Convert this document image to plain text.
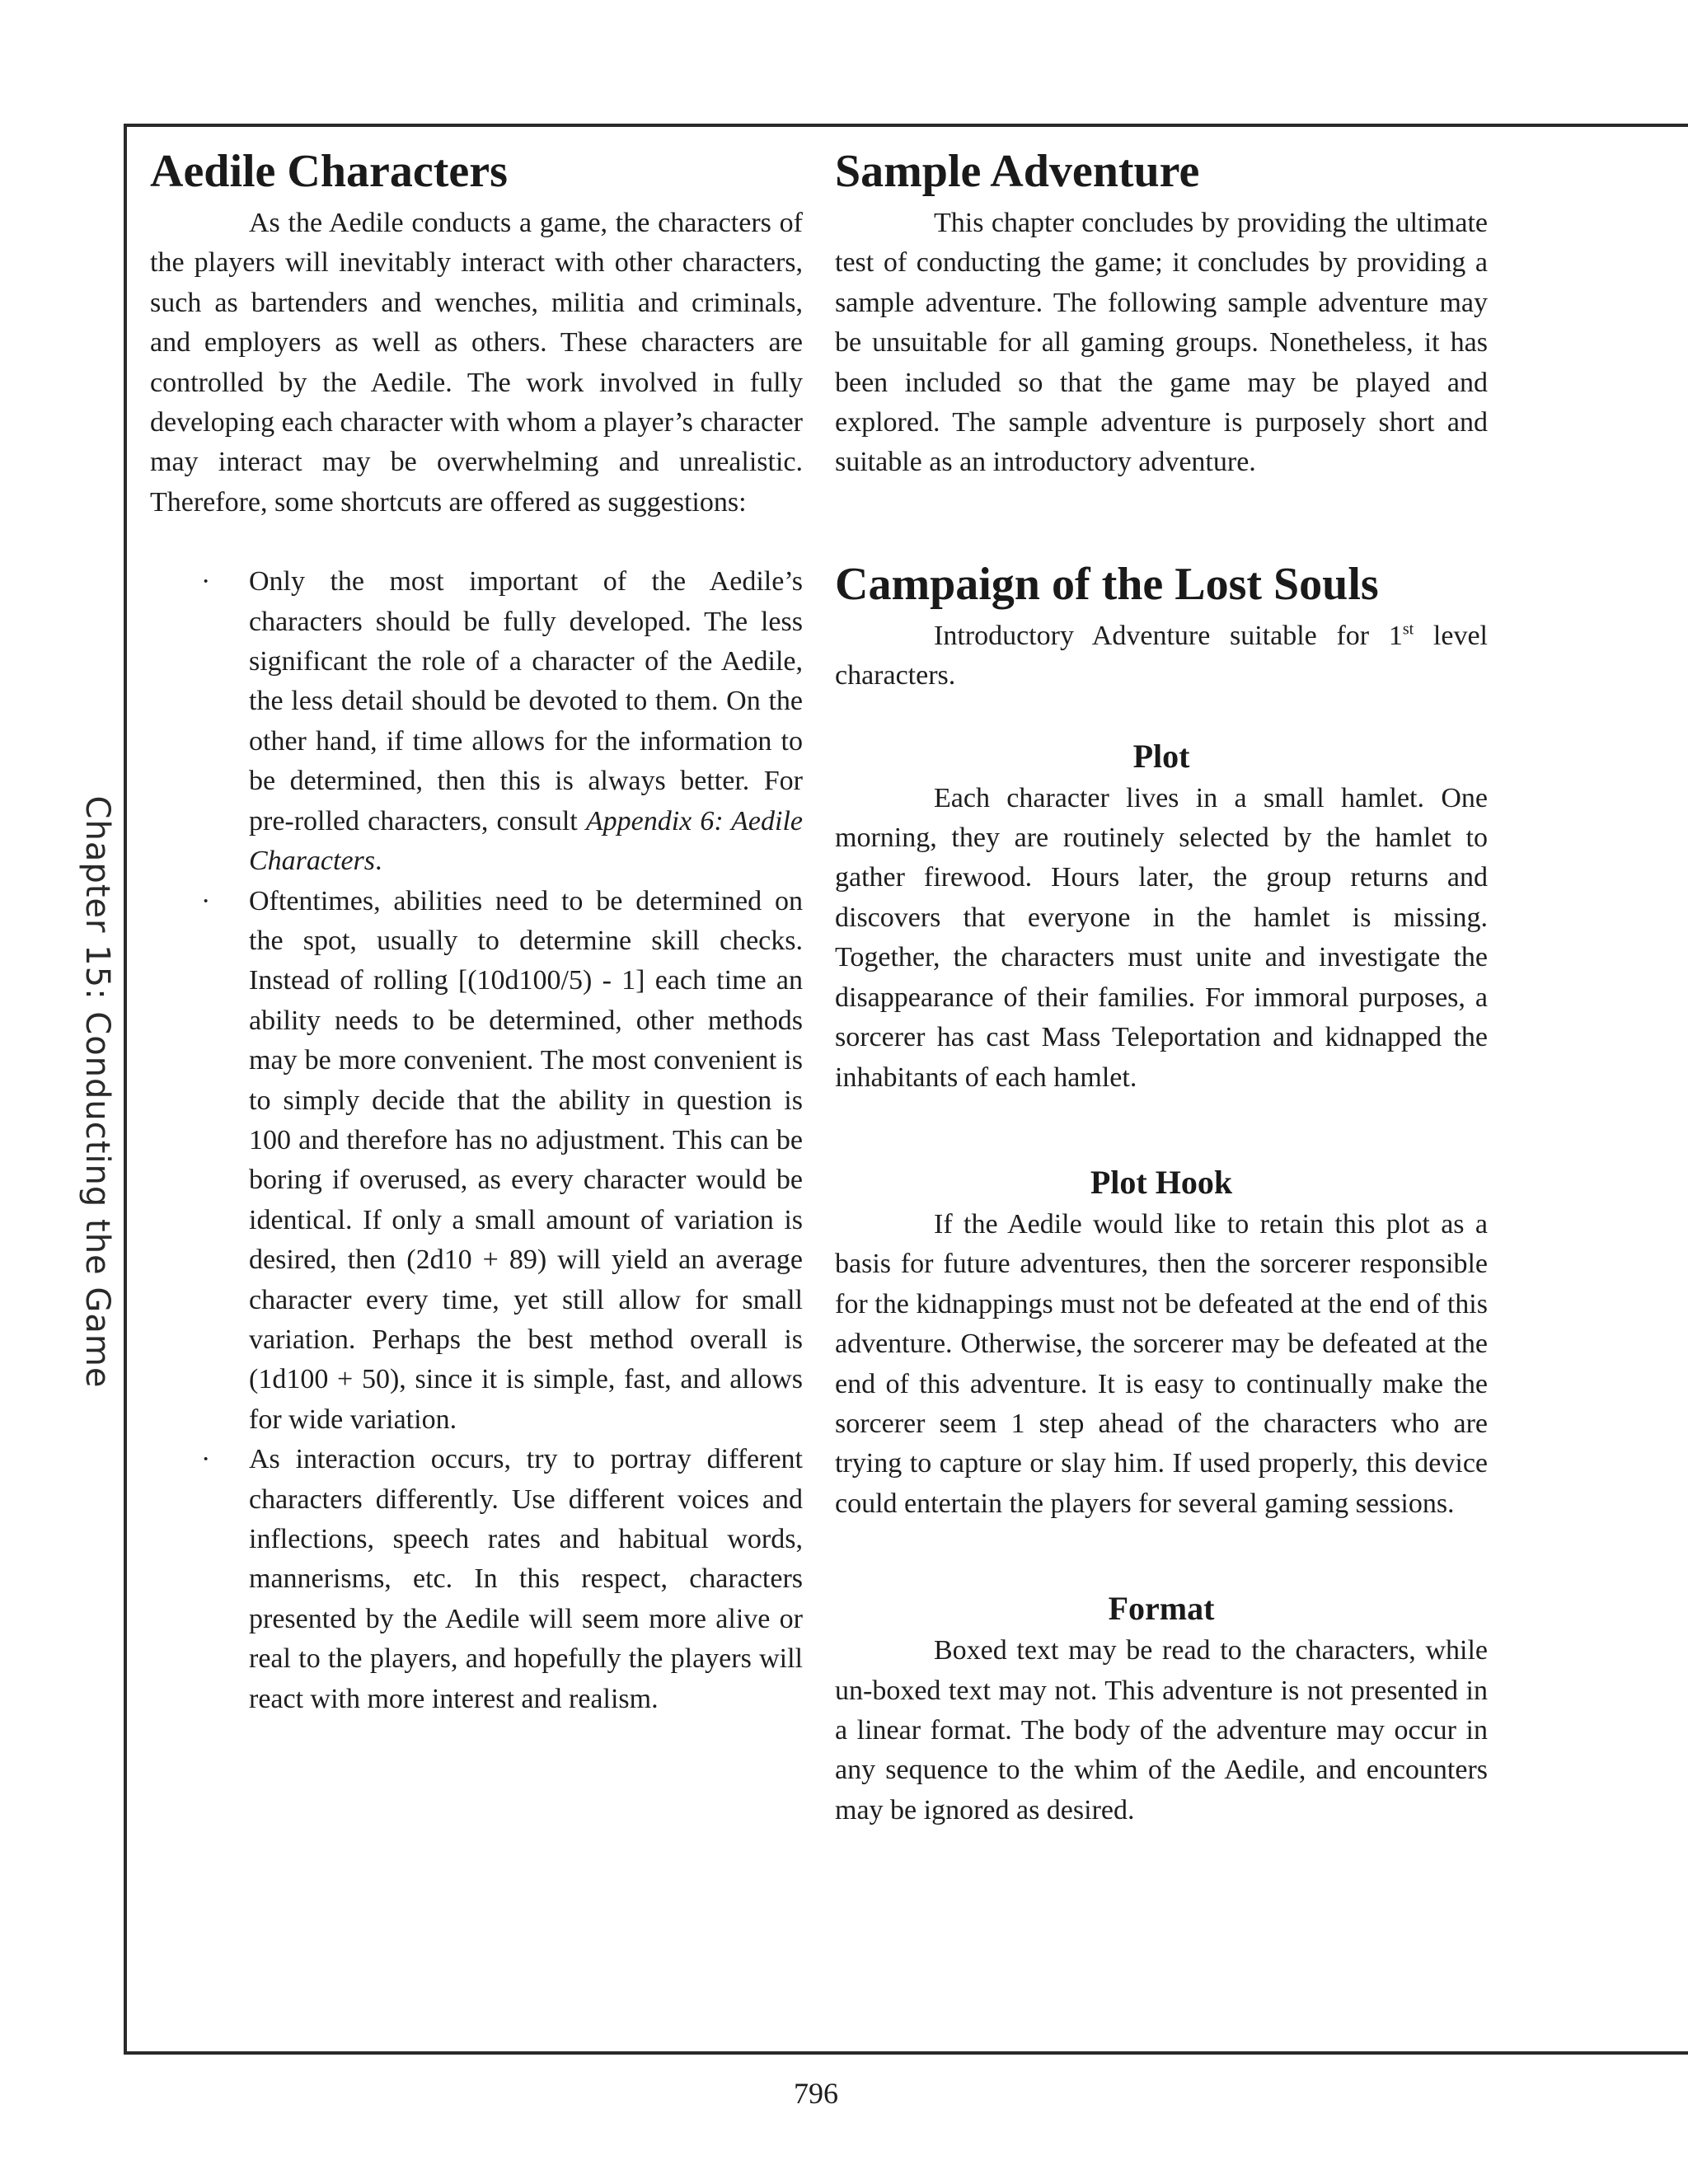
Chapter 15: Conducting the Game
Aedile Characters

As the Aedile conducts a game, the characters of the players will inevitably interact with other characters, such as bartenders and wenches, militia and criminals, and employers as well as others. These characters are controlled by the Aedile. The work involved in fully developing each character with whom a player’s character may interact may be overwhelming and unrealistic. Therefore, some shortcuts are offered as suggestions:

· Only the most important of the Aedile’s characters should be fully developed. The less significant the role of a character of the Aedile, the less detail should be devoted to them. On the other hand, if time allows for the information to be determined, then this is always better. For pre-rolled characters, consult Appendix 6: Aedile Characters.
· Oftentimes, abilities need to be determined on the spot, usually to determine skill checks. Instead of rolling [(10d100/5) - 1] each time an ability needs to be determined, other methods may be more convenient. The most convenient is to simply decide that the ability in question is 100 and therefore has no adjustment. This can be boring if overused, as every character would be identical. If only a small amount of variation is desired, then (2d10 + 89) will yield an average character every time, yet still allow for small variation. Perhaps the best method overall is (1d100 + 50), since it is simple, fast, and allows for wide variation.
· As interaction occurs, try to portray different characters differently. Use different voices and inflections, speech rates and habitual words, mannerisms, etc. In this respect, characters presented by the Aedile will seem more alive or real to the players, and hopefully the players will react with more interest and realism.
Sample Adventure

This chapter concludes by providing the ultimate test of conducting the game; it concludes by providing a sample adventure. The following sample adventure may be unsuitable for all gaming groups. Nonetheless, it has been included so that the game may be played and explored. The sample adventure is purposely short and suitable as an introductory adventure.

Campaign of the Lost Souls

Introductory Adventure suitable for 1st level characters.

Plot

Each character lives in a small hamlet. One morning, they are routinely selected by the hamlet to gather firewood. Hours later, the group returns and discovers that everyone in the hamlet is missing. Together, the characters must unite and investigate the disappearance of their families. For immoral purposes, a sorcerer has cast Mass Teleportation and kidnapped the inhabitants of each hamlet.

Plot Hook

If the Aedile would like to retain this plot as a basis for future adventures, then the sorcerer responsible for the kidnappings must not be defeated at the end of this adventure. Otherwise, the sorcerer may be defeated at the end of this adventure. It is easy to continually make the sorcerer seem 1 step ahead of the characters who are trying to capture or slay him. If used properly, this device could entertain the players for several gaming sessions.

Format

Boxed text may be read to the characters, while un-boxed text may not. This adventure is not presented in a linear format. The body of the adventure may occur in any sequence to the whim of the Aedile, and encounters may be ignored as desired.

796
